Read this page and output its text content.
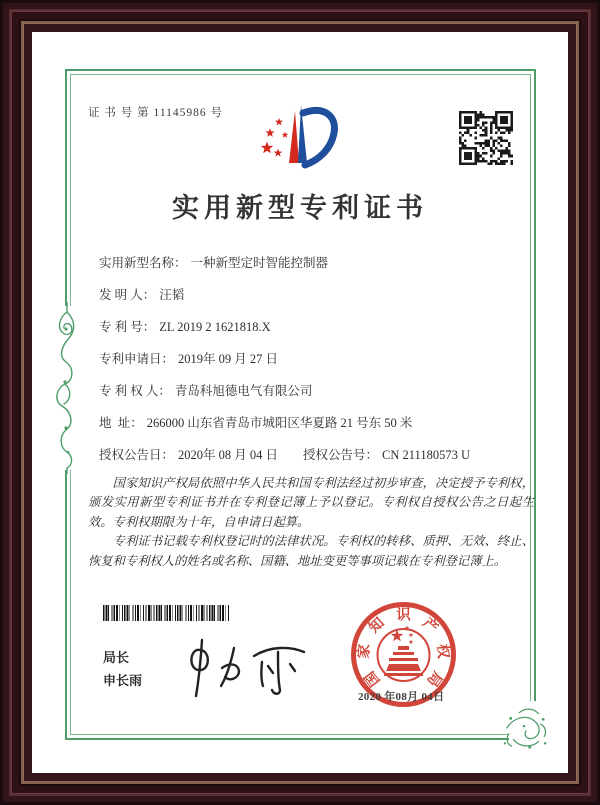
证 书 号 第 11145986 号
实用新型专利证书
实用新型名称 ： 一种新型定时智能控制器
发 明 人 ： 汪韬
专 利 号 ： ZL 2019 2 1621818.X
专利申请日 ： 2019年 09 月 27 日
专 利 权 人 ： 青岛科旭德电气有限公司
地  址 ： 266000 山东省青岛市城阳区华夏路 21 号东 50 米
授权公告日 ： 2020年 08 月 04 日 授权公告号 ： CN 211180573 U

国家知识产权局依照中华人民共和国专利法经过初步审查，决定授予专利权，颁发实用新型专利证书并在专利登记簿上予以登记。专利权自授权公告之日起生效。专利权期限为十年，自申请日起算。

专利证书记载专利权登记时的法律状况。专利权的转移、质押、无效、终止、恢复和专利权人的姓名或名称、国籍、地址变更等事项记载在专利登记簿上。

局长
申长雨	国
家
知 识 产
权
局
2020 年08月 04日
